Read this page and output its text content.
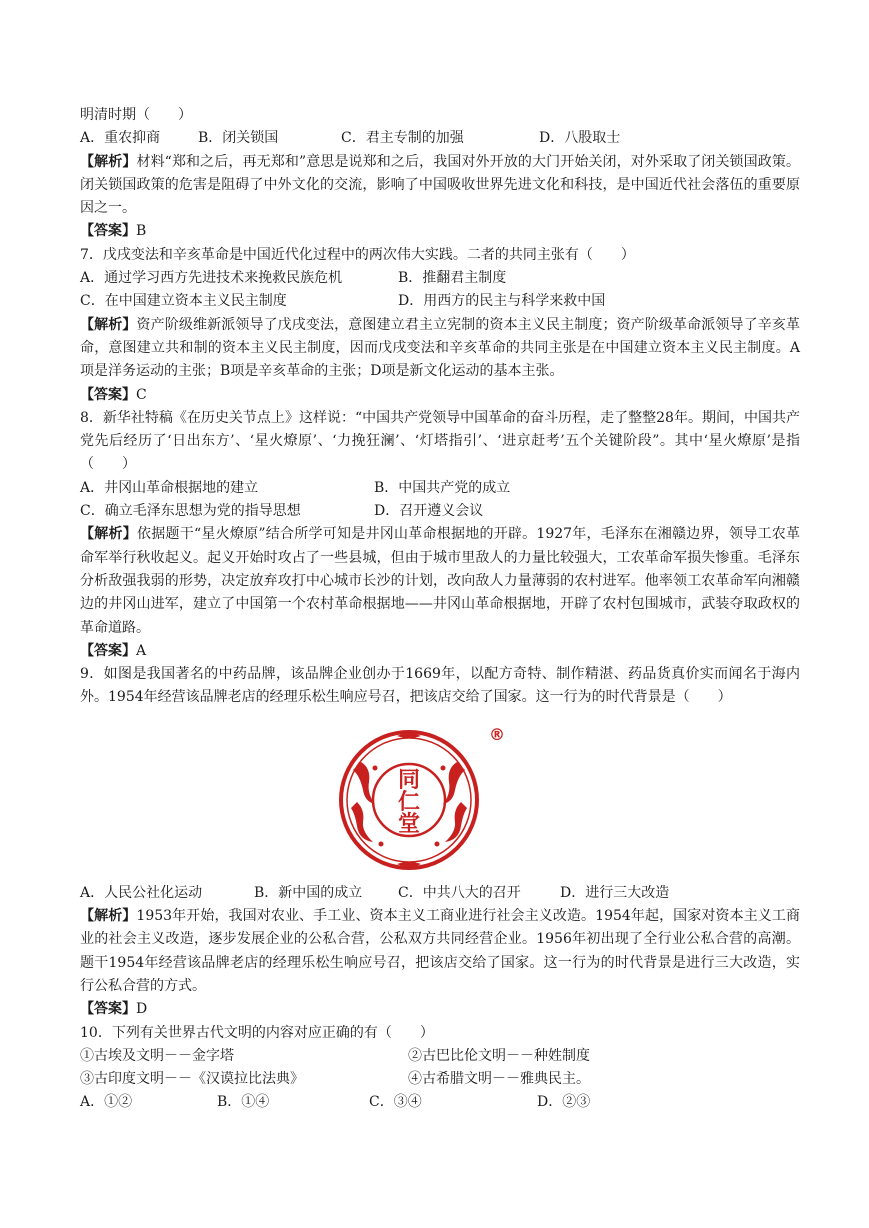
明清时期（　　）
A．重农抑商	B．闭关锁国	C．君主专制的加强	D．八股取士
【解析】材料“郑和之后，再无郑和”意思是说郑和之后，我国对外开放的大门开始关闭，对外采取了闭关锁国政策。闭关锁国政策的危害是阻碍了中外文化的交流，影响了中国吸收世界先进文化和科技，是中国近代社会落伍的重要原因之一。
【答案】B
7．戊戌变法和辛亥革命是中国近代化过程中的两次伟大实践。二者的共同主张有（　　）
A．通过学习西方先进技术来挽救民族危机	B．推翻君主制度
C．在中国建立资本主义民主制度	D．用西方的民主与科学来救中国
【解析】资产阶级维新派领导了戊戌变法，意图建立君主立宪制的资本主义民主制度；资产阶级革命派领导了辛亥革命，意图建立共和制的资本主义民主制度，因而戊戌变法和辛亥革命的共同主张是在中国建立资本主义民主制度。A项是洋务运动的主张；B项是辛亥革命的主张；D项是新文化运动的基本主张。
【答案】C
8．新华社特稿《在历史关节点上》这样说：“中国共产党领导中国革命的奋斗历程，走了整整28年。期间，中国共产党先后经历了‘日出东方’、‘星火燎原’、‘力挽狂澜’、‘灯塔指引’、‘进京赶考’五个关键阶段”。其中‘星火燎原’是指（　　）
A．井冈山革命根据地的建立	B．中国共产党的成立
C．确立毛泽东思想为党的指导思想	D．召开遵义会议
【解析】依据题干“星火燎原”结合所学可知是井冈山革命根据地的开辟。1927年，毛泽东在湘赣边界，领导工农革命军举行秋收起义。起义开始时攻占了一些县城，但由于城市里敌人的力量比较强大，工农革命军损失惨重。毛泽东分析敌强我弱的形势，决定放弃攻打中心城市长沙的计划，改向敌人力量薄弱的农村进军。他率领工农革命军向湘赣边的井冈山进军，建立了中国第一个农村革命根据地——井冈山革命根据地，开辟了农村包围城市，武装夺取政权的革命道路。
【答案】A
9．如图是我国著名的中药品牌，该品牌企业创办于1669年，以配方奇特、制作精湛、药品货真价实而闻名于海内外。1954年经营该品牌老店的经理乐松生响应号召，把该店交给了国家。这一行为的时代背景是（　　）
同
仁
堂
®
A．人民公社化运动	B．新中国的成立	C．中共八大的召开	D．进行三大改造
【解析】1953年开始，我国对农业、手工业、资本主义工商业进行社会主义改造。1954年起，国家对资本主义工商业的社会主义改造，逐步发展企业的公私合营，公私双方共同经营企业。1956年初出现了全行业公私合营的高潮。题干1954年经营该品牌老店的经理乐松生响应号召，把该店交给了国家。这一行为的时代背景是进行三大改造，实行公私合营的方式。
【答案】D
10．下列有关世界古代文明的内容对应正确的有（　　）
①古埃及文明－－金字塔	②古巴比伦文明－－种姓制度
③古印度文明－－《汉谟拉比法典》	④古希腊文明－－雅典民主。
A．①②	B．①④	C．③④	D．②③
